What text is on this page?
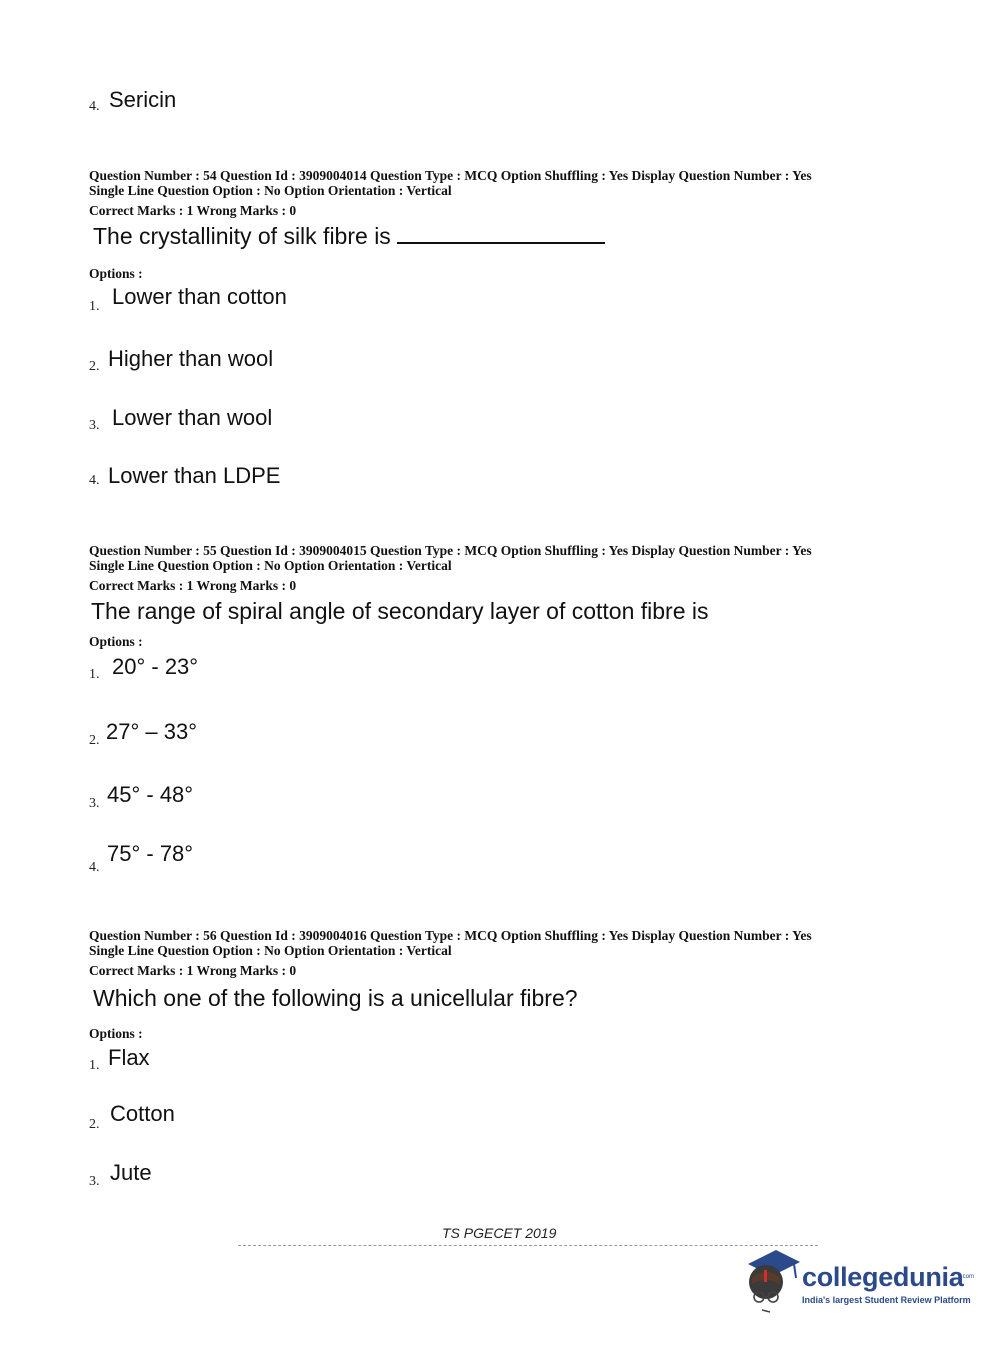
4. Sericin
Question Number : 54 Question Id : 3909004014 Question Type : MCQ Option Shuffling : Yes Display Question Number : Yes
Single Line Question Option : No Option Orientation : Vertical
Correct Marks : 1 Wrong Marks : 0
The crystallinity of silk fibre is
Options :
1. Lower than cotton
2. Higher than wool
3. Lower than wool
4. Lower than LDPE
Question Number : 55 Question Id : 3909004015 Question Type : MCQ Option Shuffling : Yes Display Question Number : Yes
Single Line Question Option : No Option Orientation : Vertical
Correct Marks : 1 Wrong Marks : 0
The range of spiral angle of secondary layer of cotton fibre is
Options :
1. 20° - 23°
2. 27° – 33°
3. 45° - 48°
4.
75° - 78°
Question Number : 56 Question Id : 3909004016 Question Type : MCQ Option Shuffling : Yes Display Question Number : Yes
Single Line Question Option : No Option Orientation : Vertical
Correct Marks : 1 Wrong Marks : 0
Which one of the following is a unicellular fibre?
Options :
1. Flax
2. Cotton
3. Jute
TS PGECET 2019
collegedunia
.com
India's largest Student Review Platform
